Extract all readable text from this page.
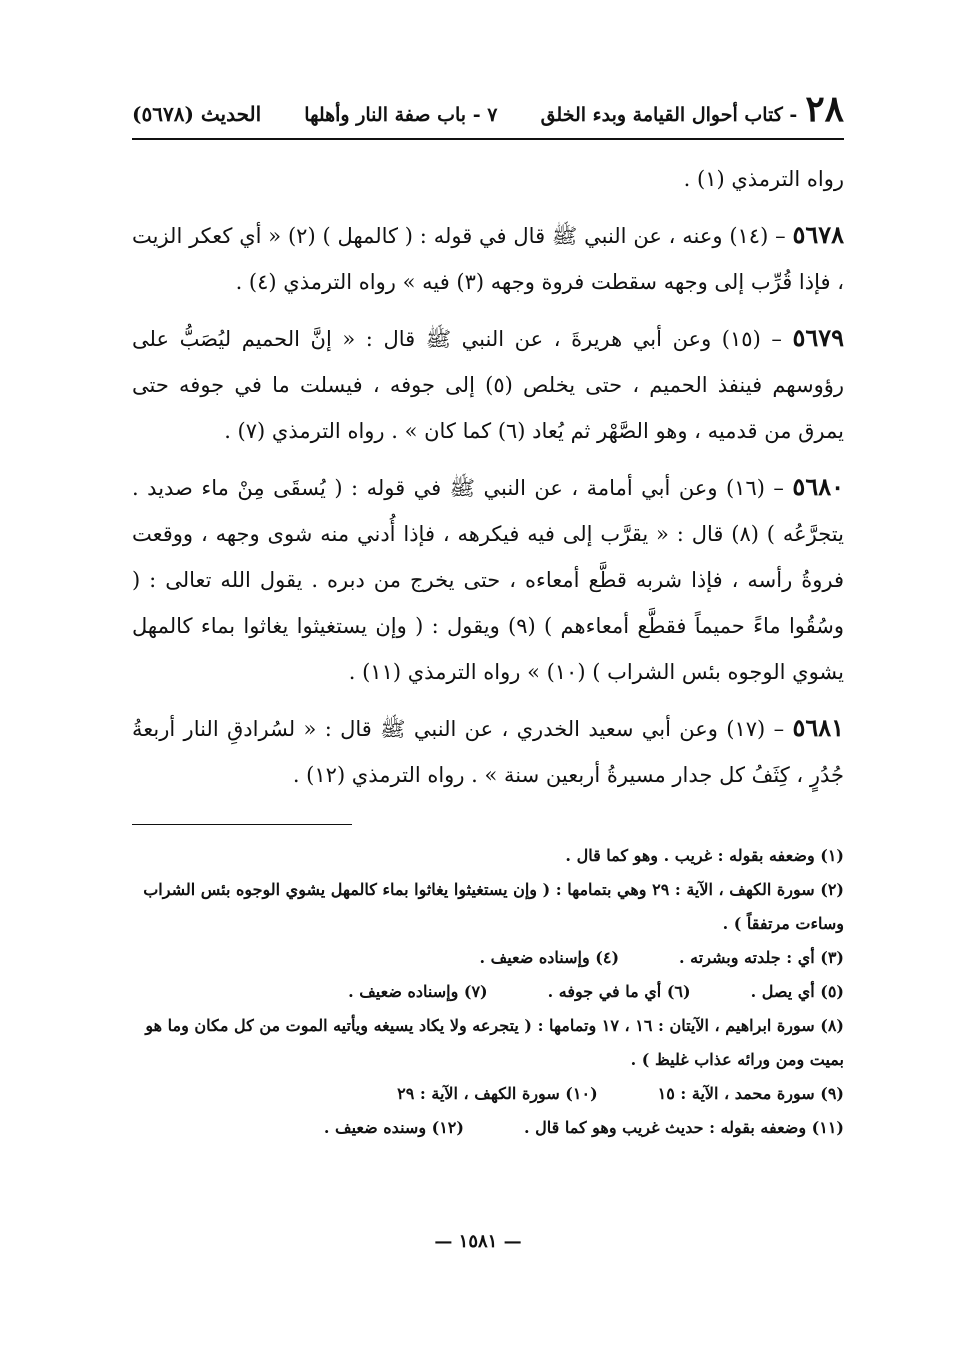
٢٨
- كتاب أحوال القيامة وبدء الخلق
٧ - باب صفة النار وأهلها
الحديث (٥٦٧٨)

رواه الترمذي (١) .

٥٦٧٨ – (١٤) وعنه ، عن النبي ﷺ قال في قوله : ( كالمهل ) (٢) « أي كعكر الزيت ، فإذا قُرِّب إلى وجهه سقطت فروة وجهه (٣) فيه » رواه الترمذي (٤) .

٥٦٧٩ – (١٥) وعن أبي هريرةَ ، عن النبي ﷺ قال : « إنَّ الحميم ليُصَبُّ على رؤوسهم فينفذ الحميم ، حتى يخلص (٥) إلى جوفه ، فيسلت ما في جوفه حتى يمرق من قدميه ، وهو الصَّهْر ثم يُعاد (٦) كما كان » . رواه الترمذي (٧) .

٥٦٨٠ – (١٦) وعن أبي أمامة ، عن النبي ﷺ في قوله : ( يُسقَى مِنْ ماء صديد . يتجرَّعُه ) (٨) قال : « يقرَّب إلى فيه فيكرهه ، فإذا أُدني منه شوى وجهه ، ووقعت فروةُ رأسه ، فإذا شربه قطَّع أمعاءه ، حتى يخرج من دبره . يقول الله تعالى : ( وسُقُوا ماءً حميماً فقطَّع أمعاءهم ) (٩) ويقول : ( وإن يستغيثوا يغاثوا بماء كالمهل يشوي الوجوه بئس الشراب ) (١٠) » رواه الترمذي (١١) .

٥٦٨١ – (١٧) وعن أبي سعيد الخدري ، عن النبي ﷺ قال : « لسُرادقِ النار أربعةُ جُدُرٍ ، كِثَفُ كل جدار مسيرةُ أربعين سنة » . رواه الترمذي (١٢) .

(١) وضعفه بقوله : غريب . وهو كما قال .
(٢) سورة الكهف ، الآية : ٢٩ وهي بتمامها : ( وإن يستغيثوا يغاثوا بماء كالمهل يشوي الوجوه بئس الشراب وساءت مرتفقاً ) .
(٣) أي : جلدته وبشرته .
(٤) وإسناده ضعيف .
(٥) أي يصل .
(٦) أي ما في جوفه .
(٧) وإسناده ضعيف .
(٨) سورة ابراهيم ، الآيتان : ١٦ ، ١٧ وتمامها : ( يتجرعه ولا يكاد يسيغه ويأتيه الموت من كل مكان وما هو بميت ومن ورائه عذاب غليظ ) .
(٩) سورة محمد ، الآية : ١٥
(١٠) سورة الكهف ، الآية : ٢٩
(١١) وضعفه بقوله : حديث غريب وهو كما قال .
(١٢) وسنده ضعيف .
— ١٥٨١ —
